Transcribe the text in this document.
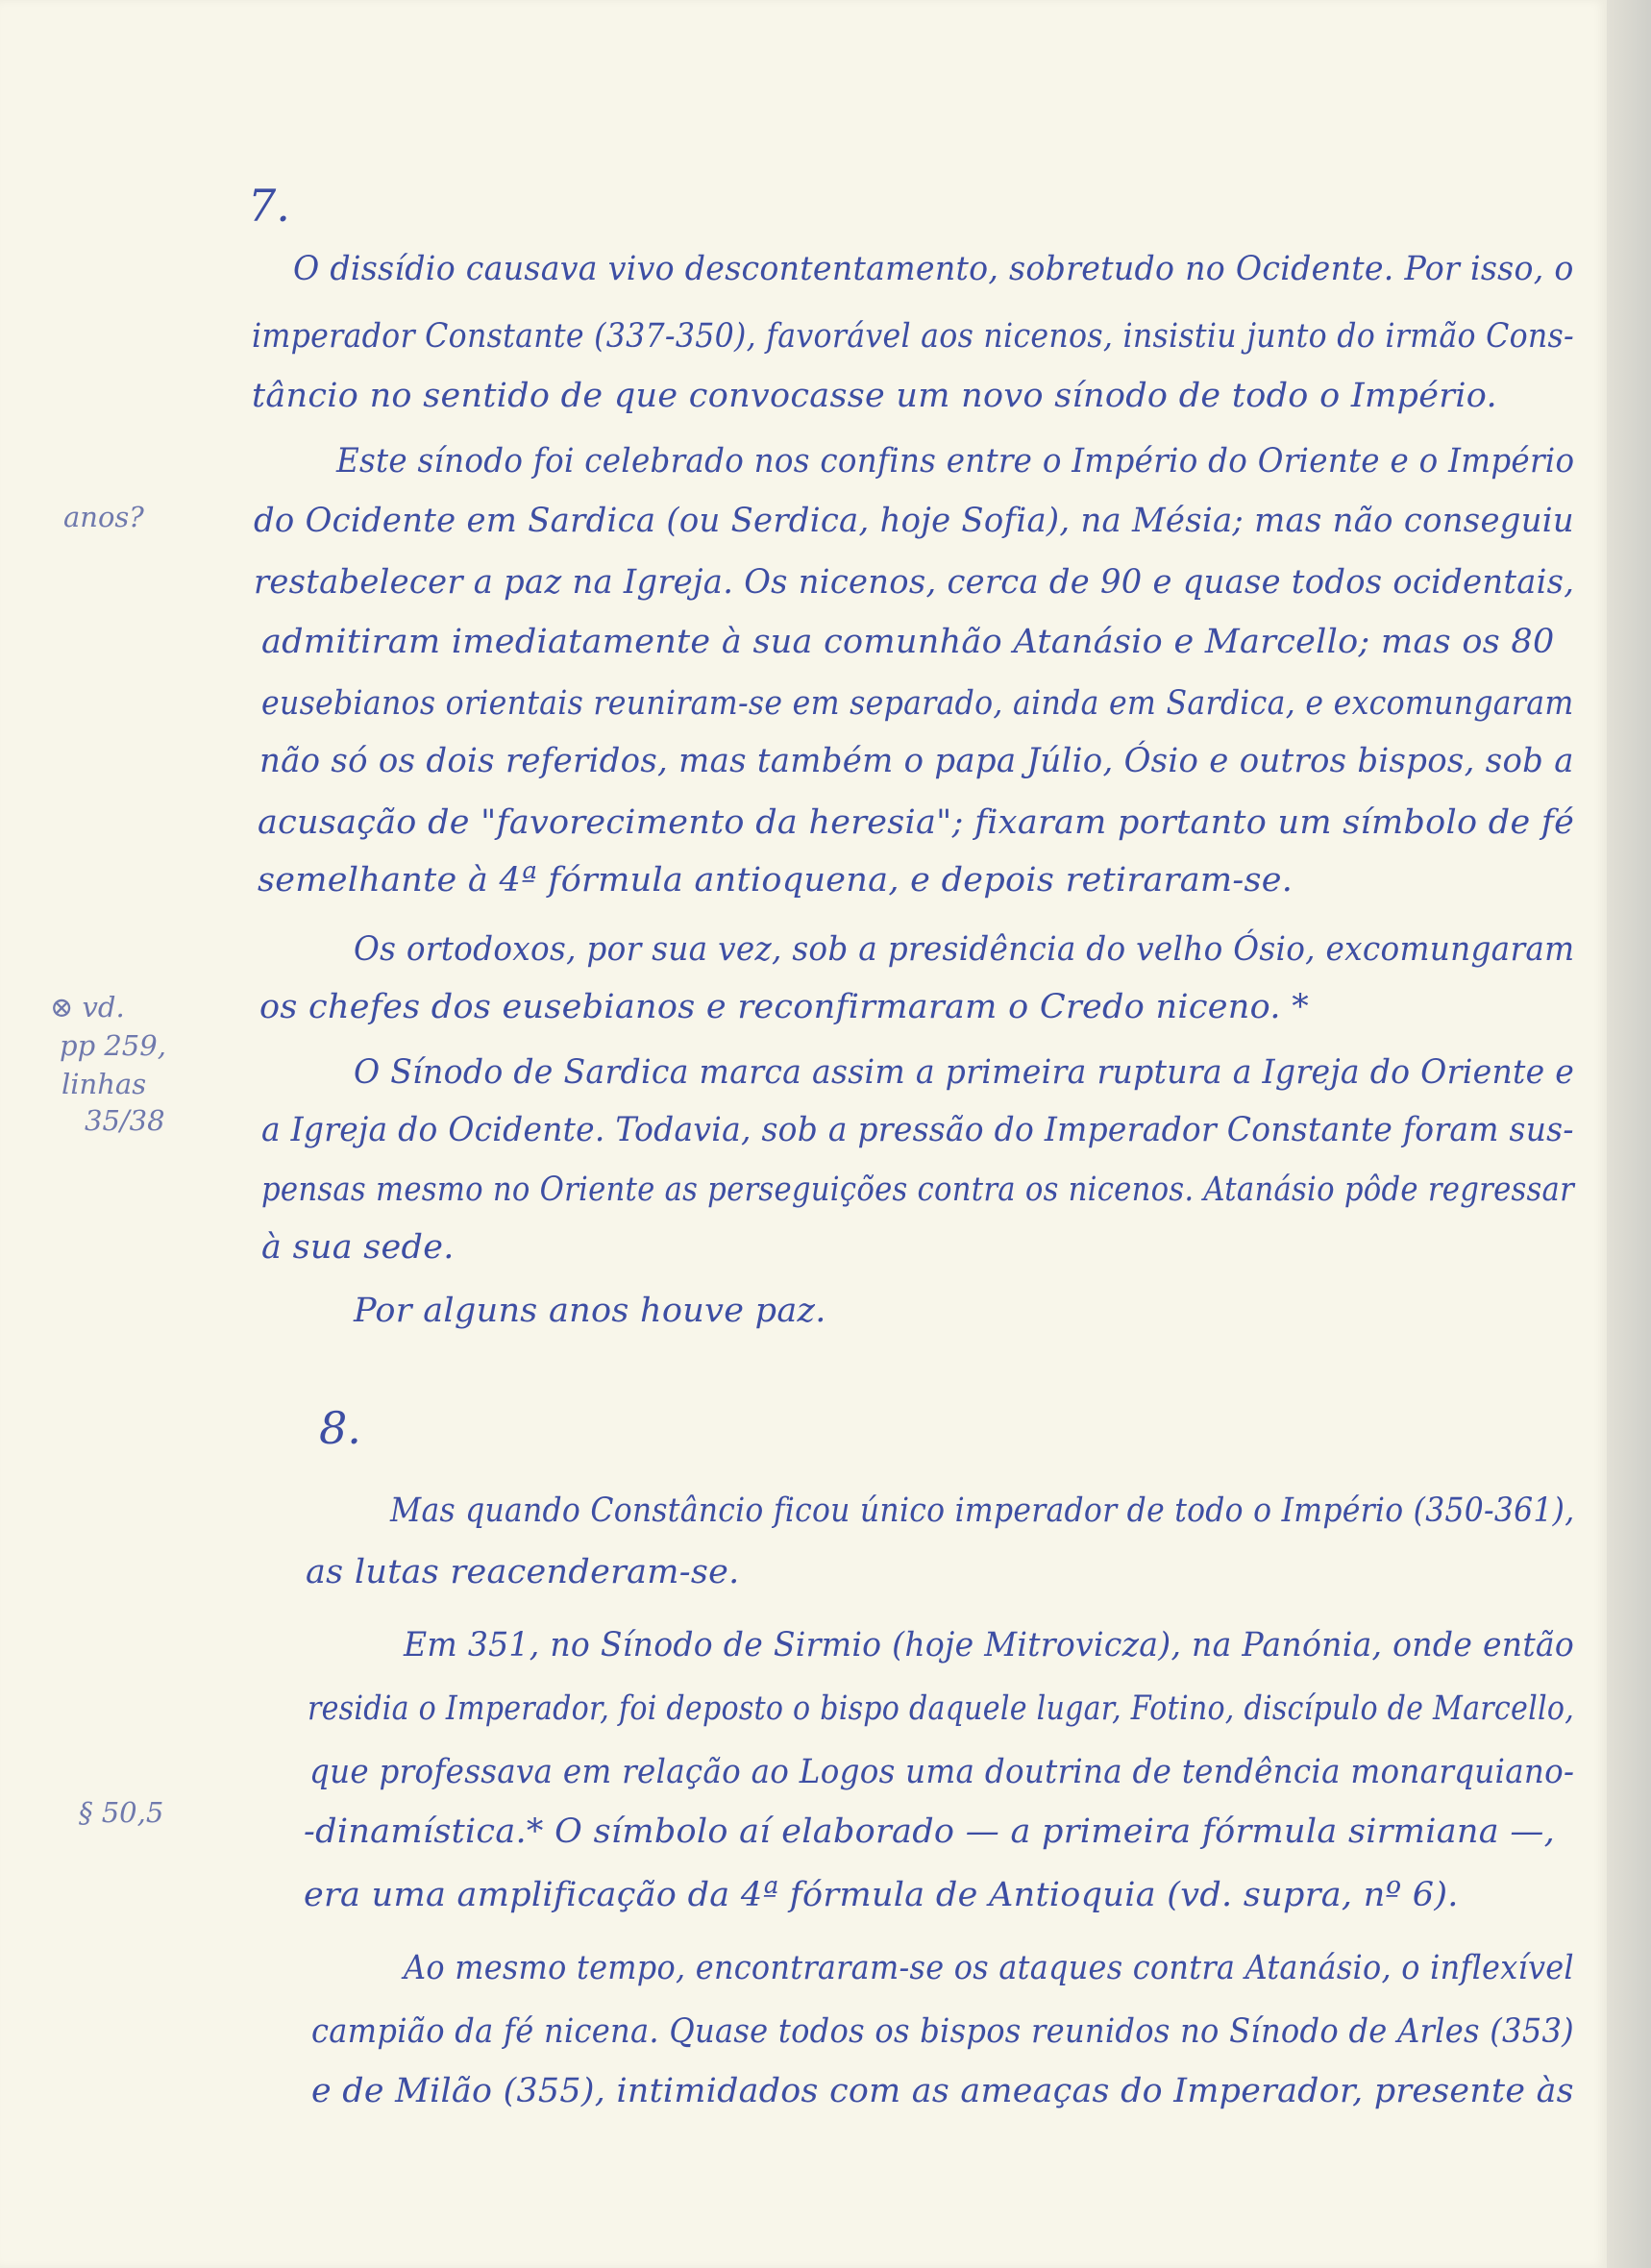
7.
O dissídio causava vivo descontentamento, sobretudo no Ocidente. Por isso, o
imperador Constante (337-350), favorável aos nicenos, insistiu junto do irmão Cons-
tâncio no sentido de que convocasse um novo sínodo de todo o Império.
Este sínodo foi celebrado nos confins entre o Império do Oriente e o Império
do Ocidente em Sardica (ou Serdica, hoje Sofia), na Mésia; mas não conseguiu
restabelecer a paz na Igreja. Os nicenos, cerca de 90 e quase todos ocidentais,
admitiram imediatamente à sua comunhão Atanásio e Marcello; mas os 80
eusebianos orientais reuniram-se em separado, ainda em Sardica, e excomungaram
não só os dois referidos, mas também o papa Júlio, Ósio e outros bispos, sob a
acusação de "favorecimento da heresia"; fixaram portanto um símbolo de fé
semelhante à 4ª fórmula antioquena, e depois retiraram-se.
Os ortodoxos, por sua vez, sob a presidência do velho Ósio, excomungaram
os chefes dos eusebianos e reconfirmaram o Credo niceno. *
O Sínodo de Sardica marca assim a primeira ruptura a Igreja do Oriente e
a Igreja do Ocidente. Todavia, sob a pressão do Imperador Constante foram sus-
pensas mesmo no Oriente as perseguições contra os nicenos. Atanásio pôde regressar
à sua sede.
Por alguns anos houve paz.
8.
Mas quando Constâncio ficou único imperador de todo o Império (350-361),
as lutas reacenderam-se.
Em 351, no Sínodo de Sirmio (hoje Mitrovicza), na Panónia, onde então
residia o Imperador, foi deposto o bispo daquele lugar, Fotino, discípulo de Marcello,
que professava em relação ao Logos uma doutrina de tendência monarquiano-
-dinamística.* O símbolo aí elaborado — a primeira fórmula sirmiana —,
era uma amplificação da 4ª fórmula de Antioquia (vd. supra, nº 6).
Ao mesmo tempo, encontraram-se os ataques contra Atanásio, o inflexível
campião da fé nicena. Quase todos os bispos reunidos no Sínodo de Arles (353)
e de Milão (355), intimidados com as ameaças do Imperador, presente às
anos?
⊗ vd.
pp 259,
linhas
35/38
§ 50,5
